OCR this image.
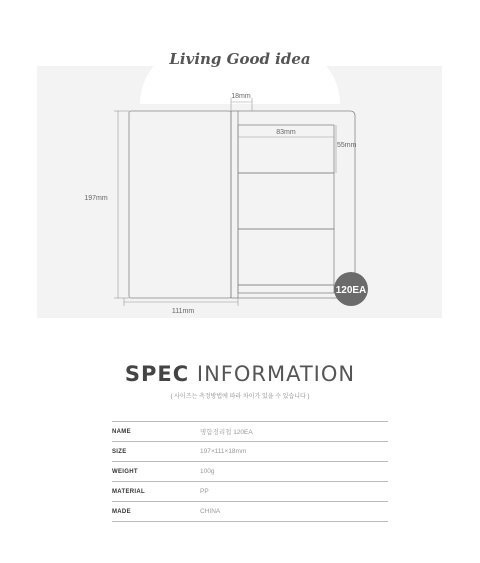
Living Good idea
18mm
83mm
55mm
197mm
111mm
120EA
SPEC INFORMATION
( 사이즈는 측정방법에 따라 차이가 있을 수 있습니다 )
NAME	명함정리첩 120EA
SIZE	197×111×18mm
WEIGHT	100g
MATERIAL	PP
MADE	CHINA
